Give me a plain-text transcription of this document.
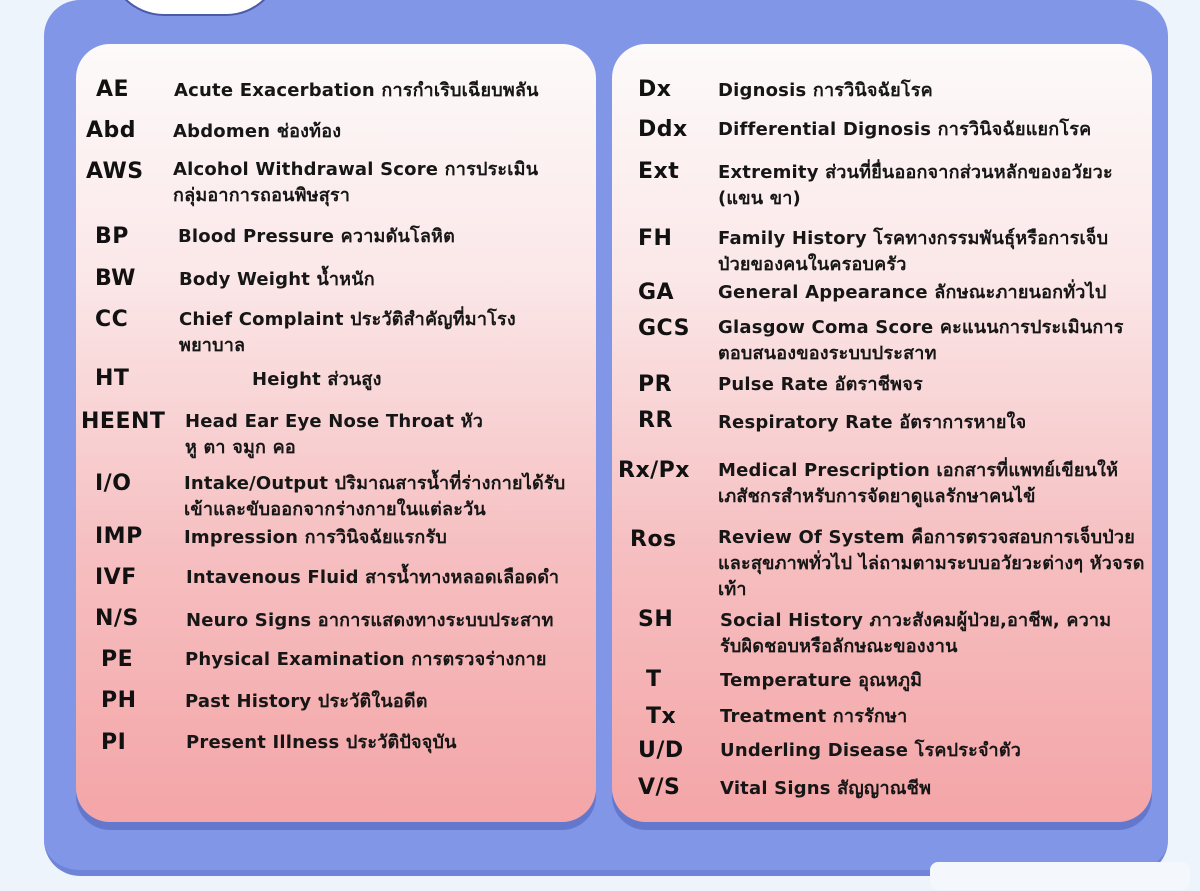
AE Acute Exacerbation การกำเริบเฉียบพลัน
Abd Abdomen ช่องท้อง
AWS Alcohol Withdrawal Score การประเมินกลุ่มอาการถอนพิษสุรา
BP	Blood Pressure ความดันโลหิต
BW Body Weight น้ำหนัก
CC	Chief Complaint ประวัติสำคัญที่มาโรงพยาบาล
HT	Height ส่วนสูง
HEENT Head Ear Eye Nose Throat หัว หู ตา จมูก คอ
I/O	Intake/Output ปริมาณสารน้ำที่ร่างกายได้รับเข้าและขับออกจากร่างกายในแต่ละวัน
IMP Impression การวินิจฉัยแรกรับ
IVF	Intavenous Fluid สารน้ำทางหลอดเลือดดำ
N/S	Neuro Signs อาการแสดงทางระบบประสาท
PE	Physical Examination การตรวจร่างกาย
PH	Past History ประวัติในอดีต
PI	Present Illness ประวัติปัจจุบัน
Dx	Dignosis การวินิจฉัยโรค
Ddx Differential Dignosis การวินิจฉัยแยกโรค
Ext Extremity ส่วนที่ยื่นออกจากส่วนหลักของอวัยวะ (แขน ขา)
FH	Family History โรคทางกรรมพันธุ์หรือการเจ็บป่วยของคนในครอบครัว
GA General Appearance ลักษณะภายนอกทั่วไป
GCS Glasgow Coma Score คะแนนการประเมินการตอบสนองของระบบประสาท
PR	Pulse Rate อัตราชีพจร
RR	Respiratory Rate อัตราการหายใจ
Rx/Px Medical Prescription เอกสารที่แพทย์เขียนให้เภสัชกรสำหรับการจัดยาดูแลรักษาคนไข้
Ros Review Of System คือการตรวจสอบการเจ็บป่วยและสุขภาพทั่วไป ไล่ถามตามระบบอวัยวะต่างๆ หัวจรดเท้า
SH	Social History ภาวะสังคมผู้ป่วย,อาชีพ, ความรับผิดชอบหรือลักษณะของงาน
T	Temperature อุณหภูมิ
Tx Treatment การรักษา
U/D Underling Disease โรคประจำตัว
V/S Vital Signs สัญญาณชีพ
